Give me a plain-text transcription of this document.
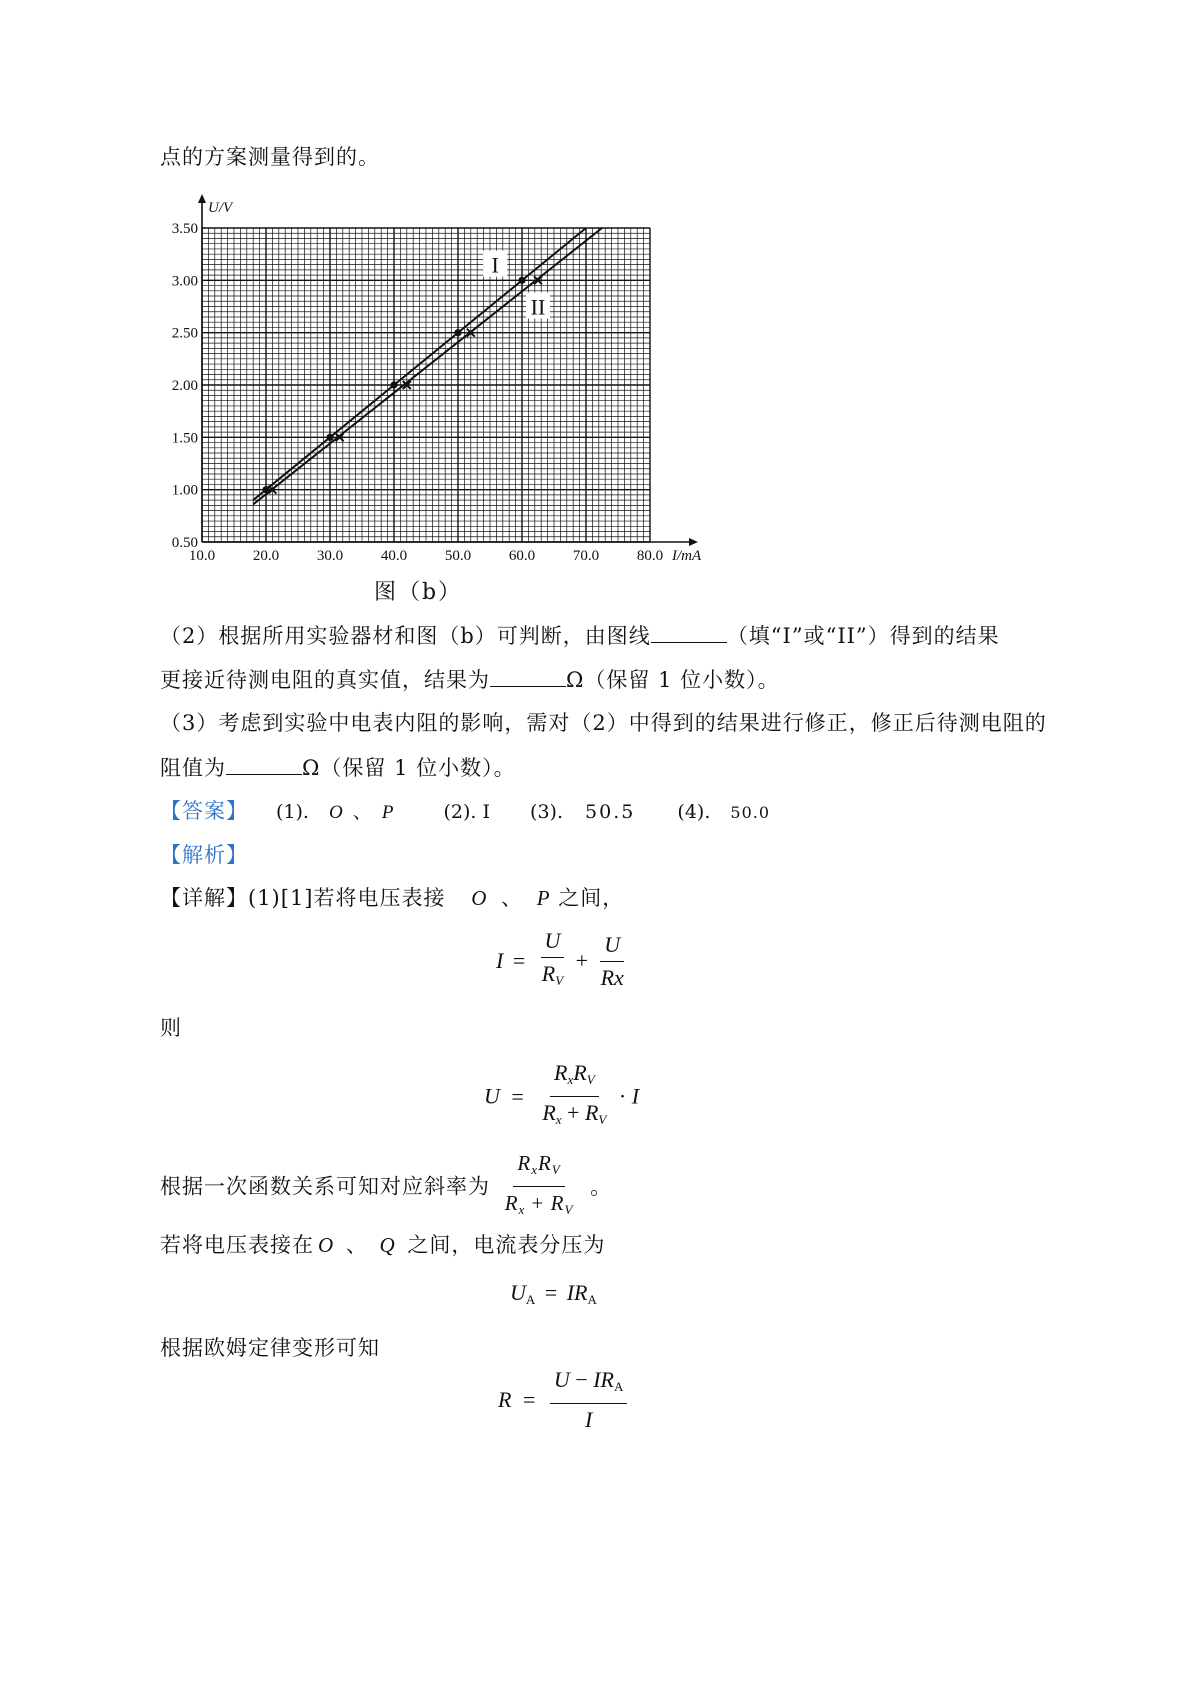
点的方案测量得到的。
10.0	20.0	30.0	40.0	50.0	60.0	70.0	80.0
0.50
1.00
1.50
2.00
2.50
3.00
3.50
I/mA
U/V
I
II
图（b）
（2）根据所用实验器材和图（b）可判断，由图线	（填“I”或“II”）得到的结果
更接近待测电阻的真实值，结果为	Ω（保留 1 位小数）。
（3）考虑到实验中电表内阻的影响，需对（2）中得到的结果进行修正，修正后待测电阻的
阻值为	Ω（保留 1 位小数）。
【答案】 (1). O 、 P	(2). I (3). 50.5 (4). 50.0
【解析】
【详解】(1)[1]若将电压表接 O 、 P 之间，
$I = \frac{U}{R_V} + \frac{U}{Rx}$
则
$U = \frac{R_xR_V}{R_x + R_V} \cdot I$
根据一次函数关系可知对应斜率为 $\frac{R_xR_V}{R_x + R_V}$ 。
若将电压表接在 O 、 Q 之间，电流表分压为
$U_A = IR_A$
根据欧姆定律变形可知
$R = \frac{U - IR_A}{I}$
